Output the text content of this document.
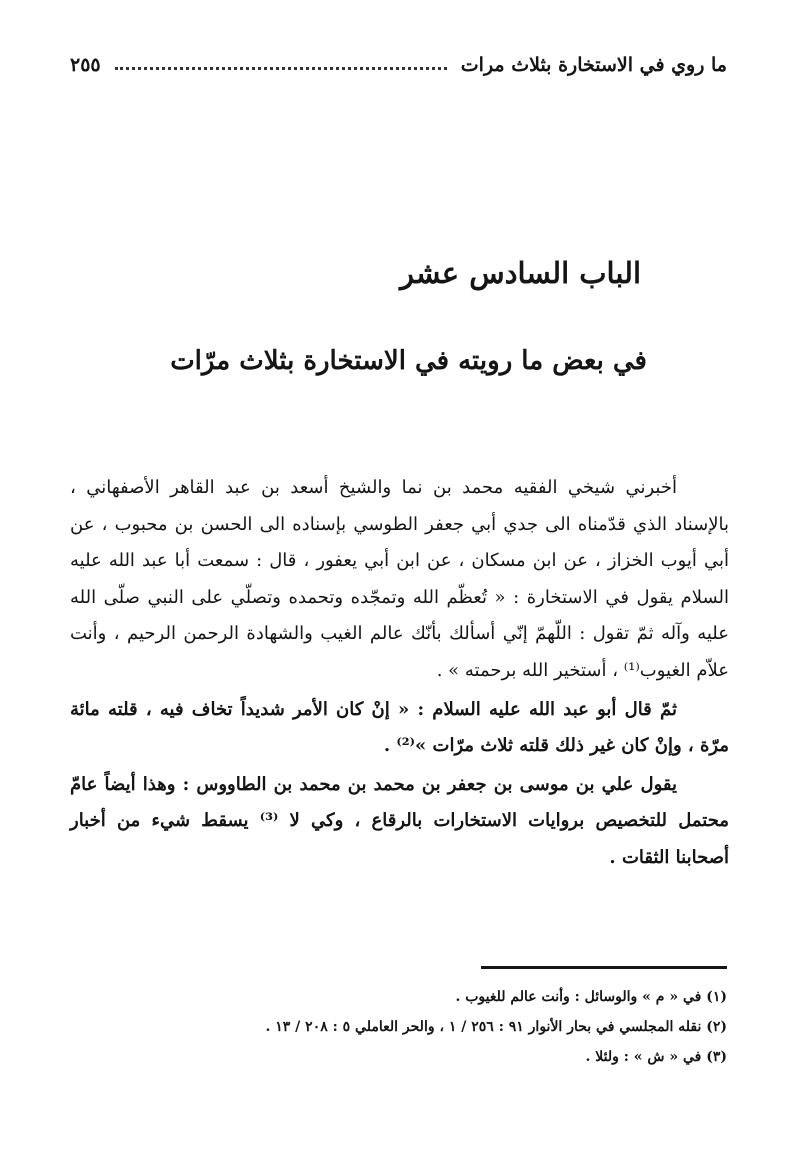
ما روي في الاستخارة بثلاث مرات
٢٥٥
الباب السادس عشر
في بعض ما رويته في الاستخارة بثلاث مرّات

أخبرني شيخي الفقيه محمد بن نما والشيخ أسعد بن عبد القاهر الأصفهاني ، بالإسناد الذي قدّمناه الى جدي أبي جعفر الطوسي بإسناده الى الحسن بن محبوب ، عن أبي أيوب الخزاز ، عن ابن مسكان ، عن ابن أبي يعفور ، قال : سمعت أبا عبد الله عليه السلام يقول في الاستخارة : « تُعظّم الله وتمجّده وتحمده وتصلّي على النبي صلّى الله عليه وآله ثمّ تقول : اللّهمّ إنّي أسألك بأنّك عالم الغيب والشهادة الرحمن الرحيم ، وأنت علاّم الغيوب⁽¹⁾ ، أستخير الله برحمته » .

ثمّ قال أبو عبد الله عليه السلام : « إنْ كان الأمر شديداً تخاف فيه ، قلته مائة مرّة ، وإنْ كان غير ذلك قلته ثلاث مرّات »⁽²⁾ .

يقول علي بن موسى بن جعفر بن محمد بن محمد بن الطاووس : وهذا أيضاً عامّ محتمل للتخصيص بروايات الاستخارات بالرقاع ، وكي لا ⁽³⁾ يسقط شيء من أخبار أصحابنا الثقات .

(١) في « م » والوسائل : وأنت عالم للغيوب .

(٢) نقله المجلسي في بحار الأنوار ٩١ : ٢٥٦ / ١ ، والحر العاملي ٥ : ٢٠٨ / ١٣ .

(٣) في « ش » : ولئلا .
